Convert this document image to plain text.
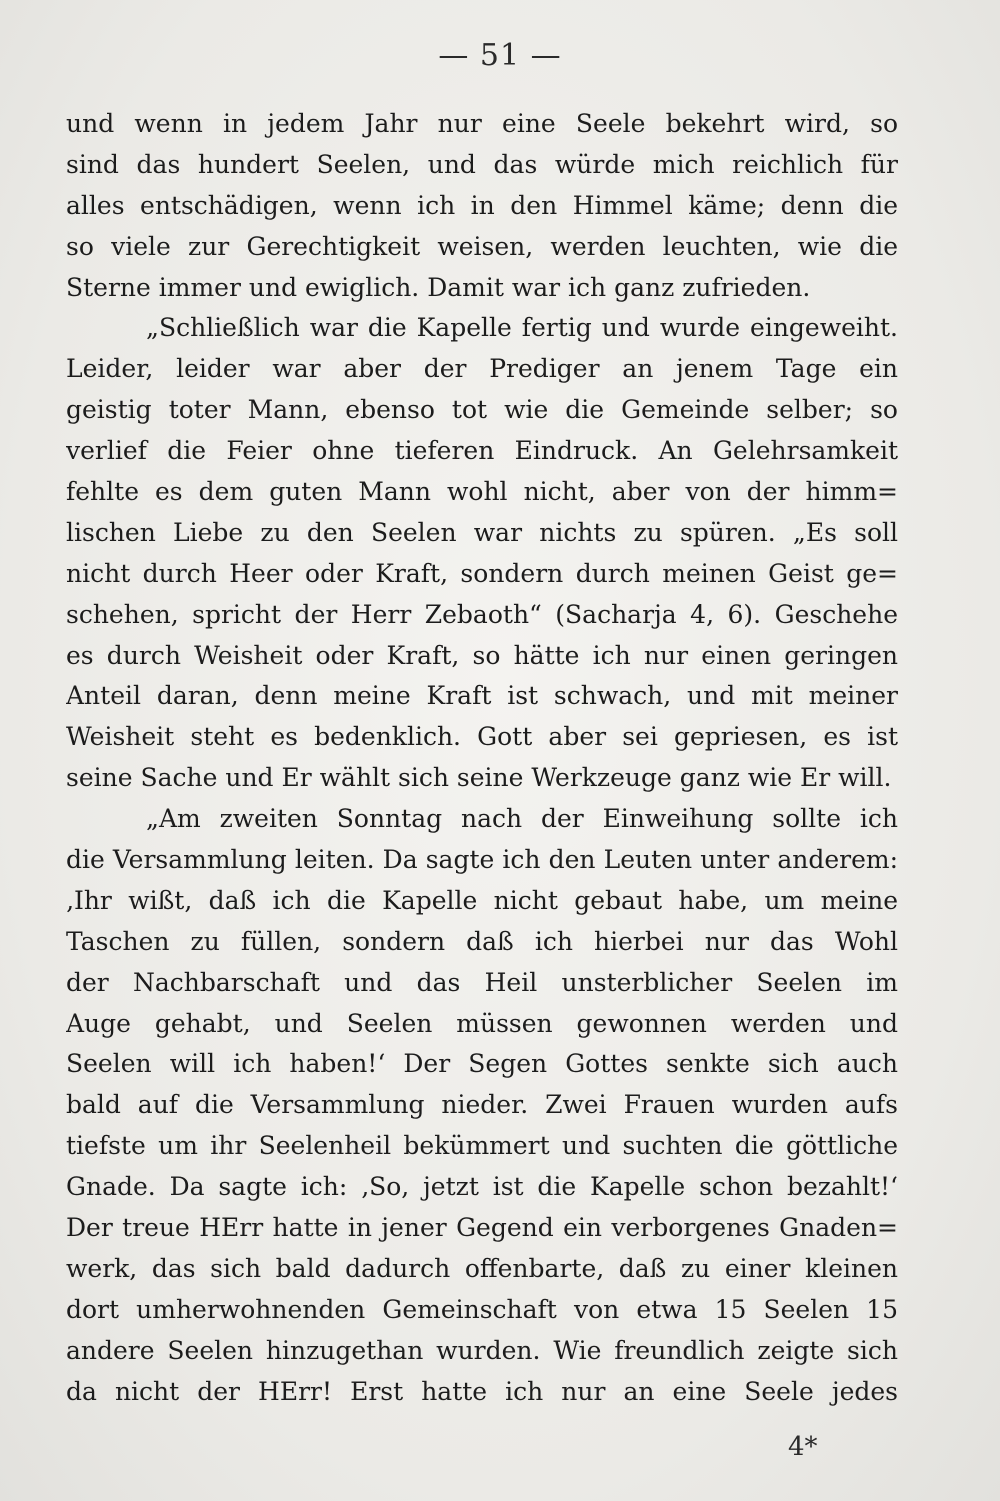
— 51 —
und wenn in jedem Jahr nur eine Seele bekehrt wird, so
sind das hundert Seelen, und das würde mich reichlich für
alles entschädigen, wenn ich in den Himmel käme; denn die
so viele zur Gerechtigkeit weisen, werden leuchten, wie die
Sterne immer und ewiglich. Damit war ich ganz zufrieden.
„Schließlich war die Kapelle fertig und wurde eingeweiht.
Leider, leider war aber der Prediger an jenem Tage ein
geistig toter Mann, ebenso tot wie die Gemeinde selber; so
verlief die Feier ohne tieferen Eindruck. An Gelehrsamkeit
fehlte es dem guten Mann wohl nicht, aber von der himm=
lischen Liebe zu den Seelen war nichts zu spüren. „Es soll
nicht durch Heer oder Kraft, sondern durch meinen Geist ge=
schehen, spricht der Herr Zebaoth“ (Sacharja 4, 6). Geschehe
es durch Weisheit oder Kraft, so hätte ich nur einen geringen
Anteil daran, denn meine Kraft ist schwach, und mit meiner
Weisheit steht es bedenklich. Gott aber sei gepriesen, es ist
seine Sache und Er wählt sich seine Werkzeuge ganz wie Er will.
„Am zweiten Sonntag nach der Einweihung sollte ich
die Versammlung leiten. Da sagte ich den Leuten unter anderem:
‚Ihr wißt, daß ich die Kapelle nicht gebaut habe, um meine
Taschen zu füllen, sondern daß ich hierbei nur das Wohl
der Nachbarschaft und das Heil unsterblicher Seelen im
Auge gehabt, und Seelen müssen gewonnen werden und
Seelen will ich haben!‘ Der Segen Gottes senkte sich auch
bald auf die Versammlung nieder. Zwei Frauen wurden aufs
tiefste um ihr Seelenheil bekümmert und suchten die göttliche
Gnade. Da sagte ich: ‚So, jetzt ist die Kapelle schon bezahlt!‘
Der treue HErr hatte in jener Gegend ein verborgenes Gnaden=
werk, das sich bald dadurch offenbarte, daß zu einer kleinen
dort umherwohnenden Gemeinschaft von etwa 15 Seelen 15
andere Seelen hinzugethan wurden. Wie freundlich zeigte sich
da nicht der HErr! Erst hatte ich nur an eine Seele jedes
4*
